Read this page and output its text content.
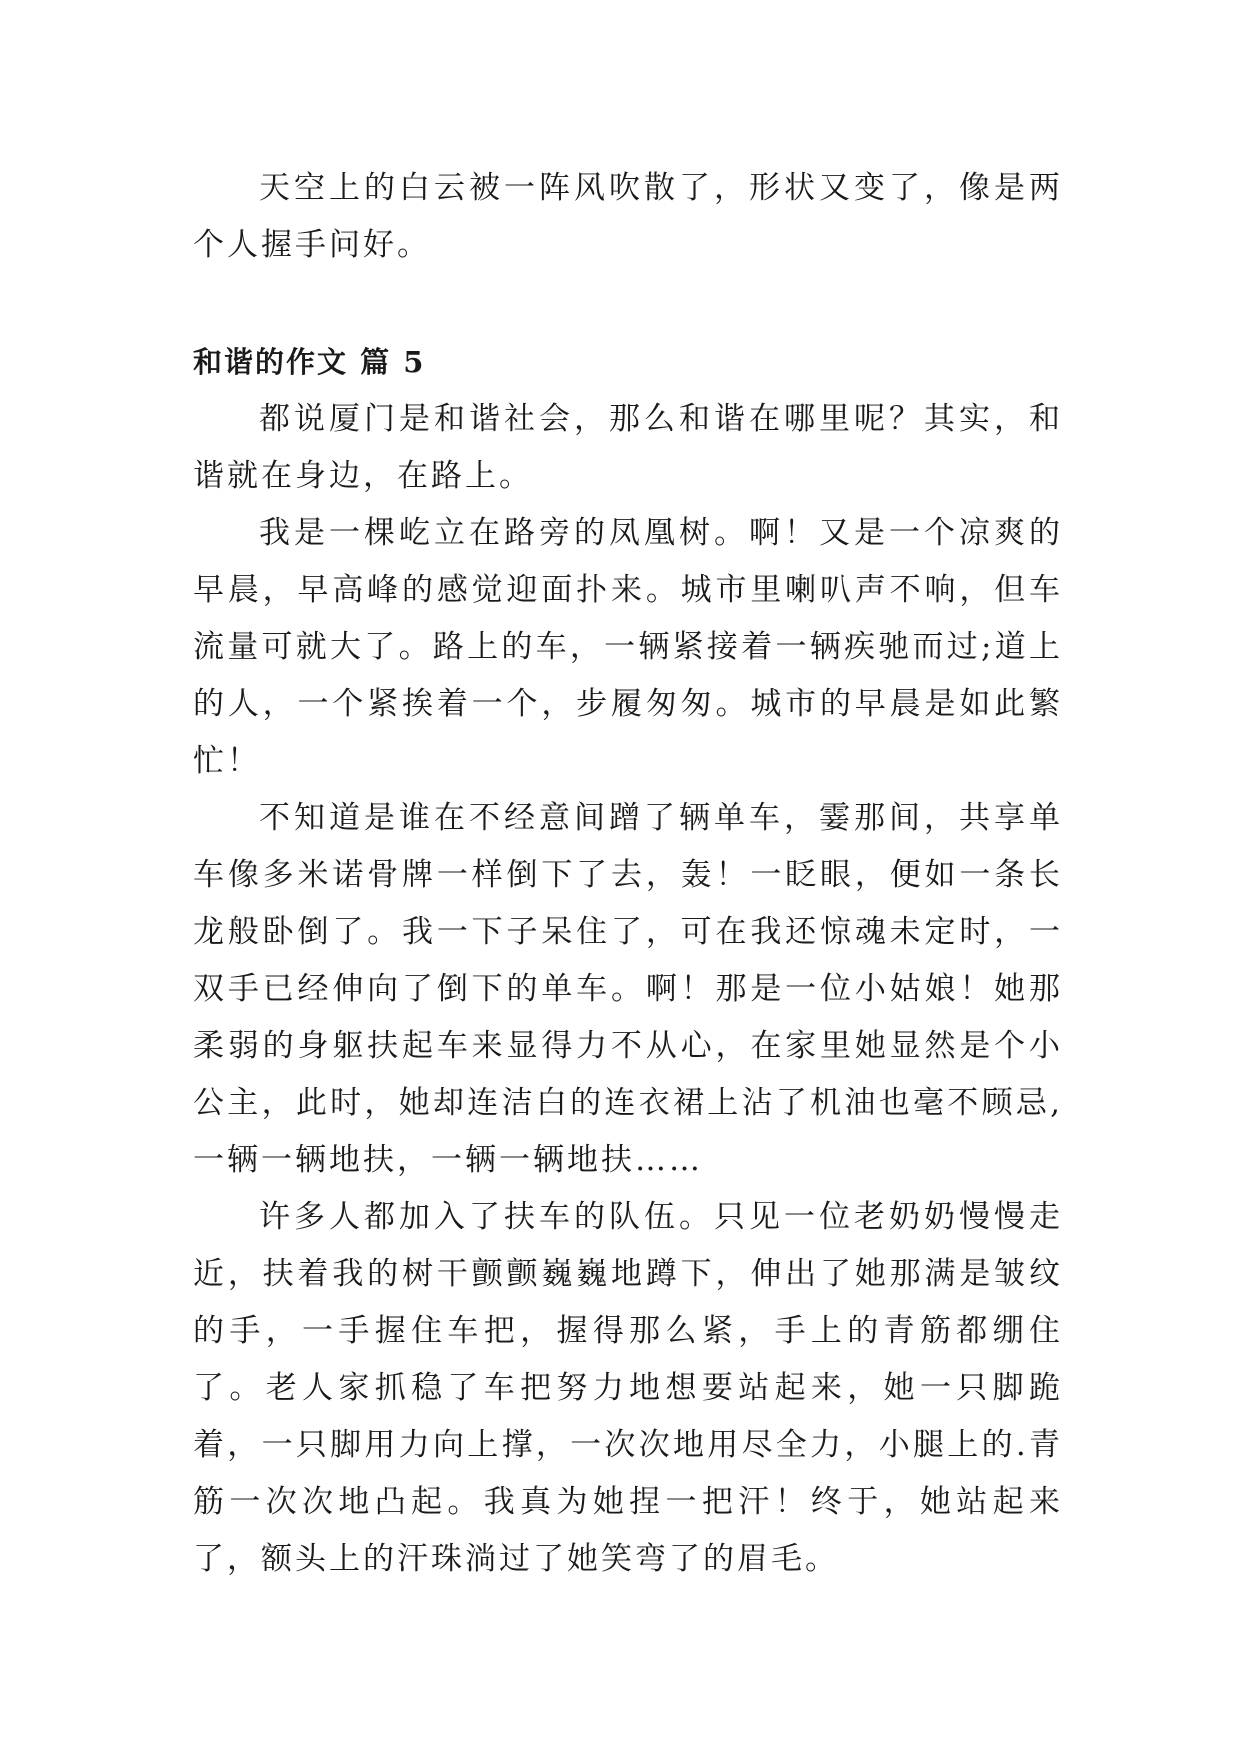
天空上的白云被一阵风吹散了，形状又变了，像是两个人握手问好。

和谐的作文 篇 5

都说厦门是和谐社会，那么和谐在哪里呢？其实，和谐就在身边，在路上。

我是一棵屹立在路旁的凤凰树。啊！又是一个凉爽的早晨，早高峰的感觉迎面扑来。城市里喇叭声不响，但车流量可就大了。路上的车，一辆紧接着一辆疾驰而过;道上的人，一个紧挨着一个，步履匆匆。城市的早晨是如此繁忙！

不知道是谁在不经意间蹭了辆单车，霎那间，共享单车像多米诺骨牌一样倒下了去，轰！一眨眼，便如一条长龙般卧倒了。我一下子呆住了，可在我还惊魂未定时，一双手已经伸向了倒下的单车。啊！那是一位小姑娘！她那柔弱的身躯扶起车来显得力不从心，在家里她显然是个小公主，此时，她却连洁白的连衣裙上沾了机油也毫不顾忌,一辆一辆地扶，一辆一辆地扶……

许多人都加入了扶车的队伍。只见一位老奶奶慢慢走近，扶着我的树干颤颤巍巍地蹲下，伸出了她那满是皱纹的手，一手握住车把，握得那么紧，手上的青筋都绷住了。老人家抓稳了车把努力地想要站起来，她一只脚跪着，一只脚用力向上撑，一次次地用尽全力，小腿上的.青筋一次次地凸起。我真为她捏一把汗！终于，她站起来了，额头上的汗珠淌过了她笑弯了的眉毛。
